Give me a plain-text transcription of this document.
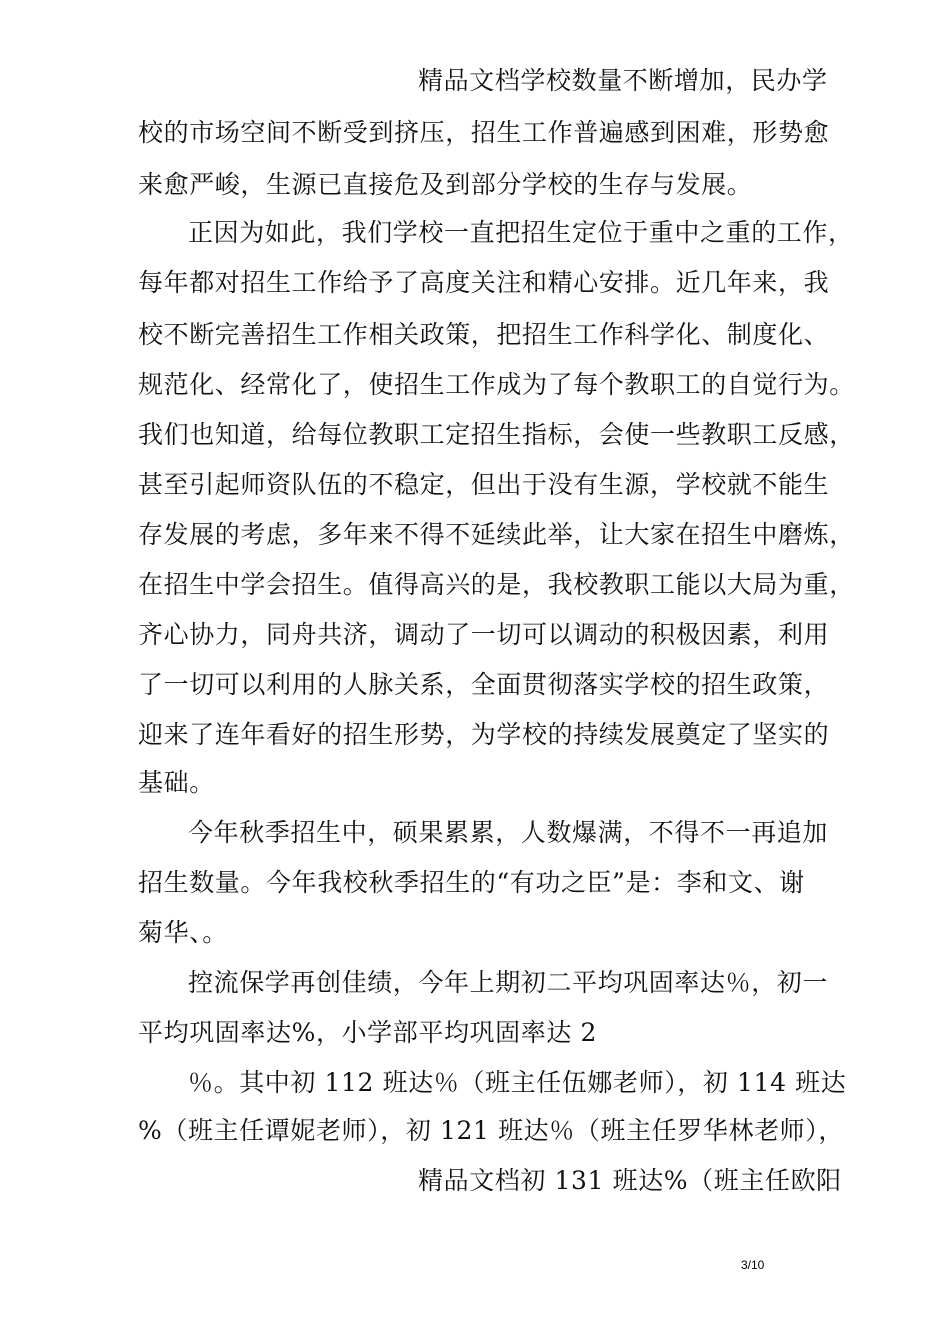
精品文档学校数量不断增加，民办学
校的市场空间不断受到挤压，招生工作普遍感到困难，形势愈
来愈严峻，生源已直接危及到部分学校的生存与发展。
正因为如此，我们学校一直把招生定位于重中之重的工作，
每年都对招生工作给予了高度关注和精心安排。近几年来，我
校不断完善招生工作相关政策，把招生工作科学化、制度化、
规范化、经常化了，使招生工作成为了每个教职工的自觉行为。
我们也知道，给每位教职工定招生指标，会使一些教职工反感，
甚至引起师资队伍的不稳定，但出于没有生源，学校就不能生
存发展的考虑，多年来不得不延续此举，让大家在招生中磨炼，
在招生中学会招生。值得高兴的是，我校教职工能以大局为重，
齐心协力，同舟共济，调动了一切可以调动的积极因素，利用
了一切可以利用的人脉关系，全面贯彻落实学校的招生政策，
迎来了连年看好的招生形势，为学校的持续发展奠定了坚实的
基础。
今年秋季招生中，硕果累累，人数爆满，不得不一再追加
招生数量。今年我校秋季招生的“有功之臣”是：李和文、谢
菊华、。
控流保学再创佳绩，今年上期初二平均巩固率达％，初一
平均巩固率达%，小学部平均巩固率达 2
％。其中初 112 班达％（班主任伍娜老师），初 114 班达
%（班主任谭妮老师），初 121 班达％（班主任罗华林老师），
精品文档初 131 班达%（班主任欧阳
3/10
